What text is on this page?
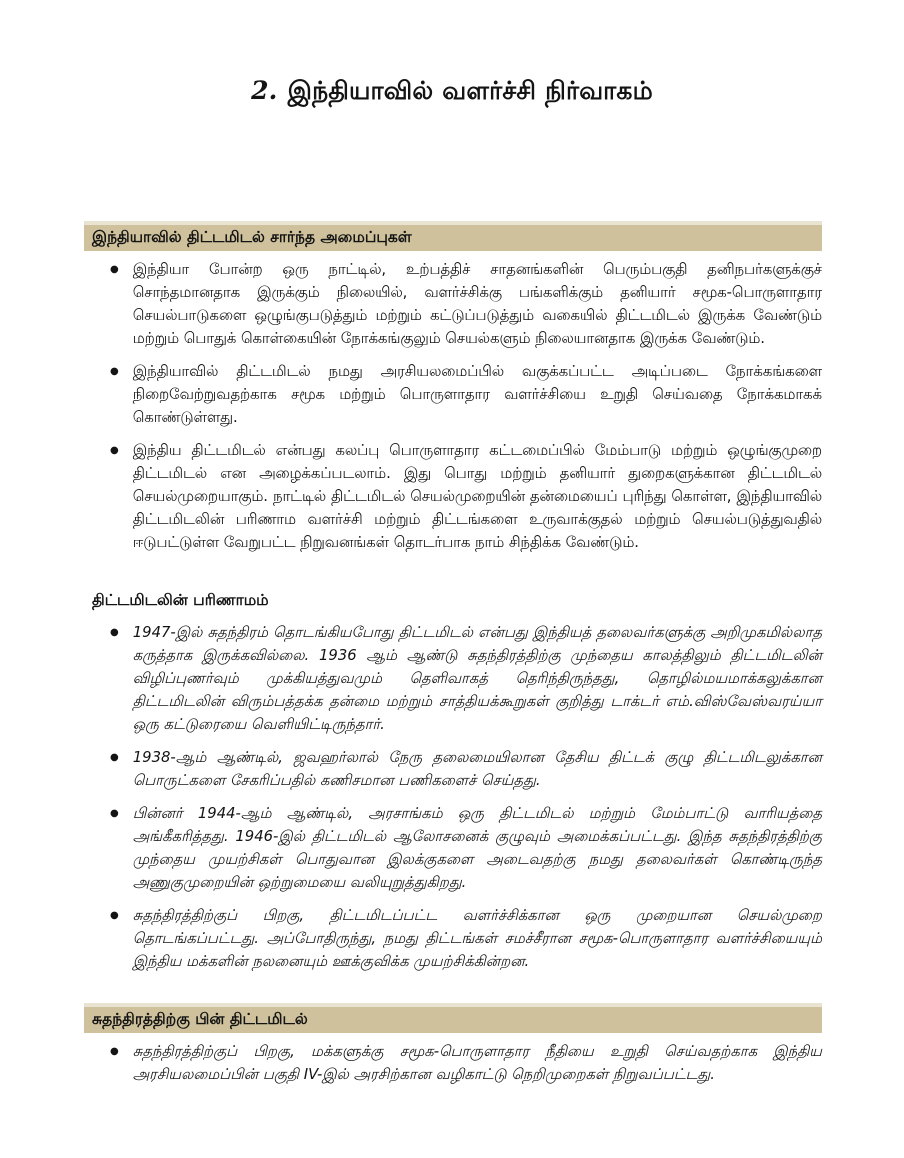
2. இந்தியாவில் வளர்ச்சி நிர்வாகம்
இந்தியாவில் திட்டமிடல் சார்ந்த அமைப்புகள்
● இந்தியா போன்ற ஒரு நாட்டில், உற்பத்திச் சாதனங்களின் பெரும்பகுதி தனிநபர்களுக்குச் சொந்தமானதாக இருக்கும் நிலையில், வளர்ச்சிக்கு பங்களிக்கும் தனியார் சமூக-பொருளாதார செயல்பாடுகளை ஒழுங்குபடுத்தும் மற்றும் கட்டுப்படுத்தும் வகையில் திட்டமிடல் இருக்க வேண்டும் மற்றும் பொதுக் கொள்கையின் நோக்கங்குலும் செயல்களும் நிலையானதாக இருக்க வேண்டும்.
● இந்தியாவில் திட்டமிடல் நமது அரசியலமைப்பில் வகுக்கப்பட்ட அடிப்படை நோக்கங்களை நிறைவேற்றுவதற்காக சமூக மற்றும் பொருளாதார வளர்ச்சியை உறுதி செய்வதை நோக்கமாகக் கொண்டுள்ளது.
● இந்திய திட்டமிடல் என்பது கலப்பு பொருளாதார கட்டமைப்பில் மேம்பாடு மற்றும் ஒழுங்குமுறை திட்டமிடல் என அழைக்கப்படலாம். இது பொது மற்றும் தனியார் துறைகளுக்கான திட்டமிடல் செயல்முறையாகும். நாட்டில் திட்டமிடல் செயல்முறையின் தன்மையைப் புரிந்து கொள்ள, இந்தியாவில் திட்டமிடலின் பரிணாம வளர்ச்சி மற்றும் திட்டங்களை உருவாக்குதல் மற்றும் செயல்படுத்துவதில் ஈடுபட்டுள்ள வேறுபட்ட நிறுவனங்கள் தொடர்பாக நாம் சிந்திக்க வேண்டும்.
திட்டமிடலின் பரிணாமம்
● 1947-இல் சுதந்திரம் தொடங்கியபோது திட்டமிடல் என்பது இந்தியத் தலைவர்களுக்கு அறிமுகமில்லாத கருத்தாக இருக்கவில்லை. 1936 ஆம் ஆண்டு சுதந்திரத்திற்கு முந்தைய காலத்திலும் திட்டமிடலின் விழிப்புணர்வும் முக்கியத்துவமும் தெளிவாகத் தெரிந்திருந்தது, தொழில்மயமாக்கலுக்கான திட்டமிடலின் விரும்பத்தக்க தன்மை மற்றும் சாத்தியக்கூறுகள் குறித்து டாக்டர் எம்.விஸ்வேஸ்வரய்யா ஒரு கட்டுரையை வெளியிட்டிருந்தார்.
● 1938-ஆம் ஆண்டில், ஜவஹர்லால் நேரு தலைமையிலான தேசிய திட்டக் குழு திட்டமிடலுக்கான பொருட்களை சேகரிப்பதில் கணிசமான பணிகளைச் செய்தது.
● பின்னர் 1944-ஆம் ஆண்டில், அரசாங்கம் ஒரு திட்டமிடல் மற்றும் மேம்பாட்டு வாரியத்தை அங்கீகரித்தது. 1946-இல் திட்டமிடல் ஆலோசனைக் குழுவும் அமைக்கப்பட்டது. இந்த சுதந்திரத்திற்கு முந்தைய முயற்சிகள் பொதுவான இலக்குகளை அடைவதற்கு நமது தலைவர்கள் கொண்டிருந்த அணுகுமுறையின் ஒற்றுமையை வலியுறுத்துகிறது.
● சுதந்திரத்திற்குப் பிறகு, திட்டமிடப்பட்ட வளர்ச்சிக்கான ஒரு முறையான செயல்முறை தொடங்கப்பட்டது. அப்போதிருந்து, நமது திட்டங்கள் சமச்சீரான சமூக-பொருளாதார வளர்ச்சியையும் இந்திய மக்களின் நலனையும் ஊக்குவிக்க முயற்சிக்கின்றன.
சுதந்திரத்திற்கு பின் திட்டமிடல்
● சுதந்திரத்திற்குப் பிறகு, மக்களுக்கு சமூக-பொருளாதார நீதியை உறுதி செய்வதற்காக இந்திய அரசியலமைப்பின் பகுதி IV-இல் அரசிற்கான வழிகாட்டு நெறிமுறைகள் நிறுவப்பட்டது.
